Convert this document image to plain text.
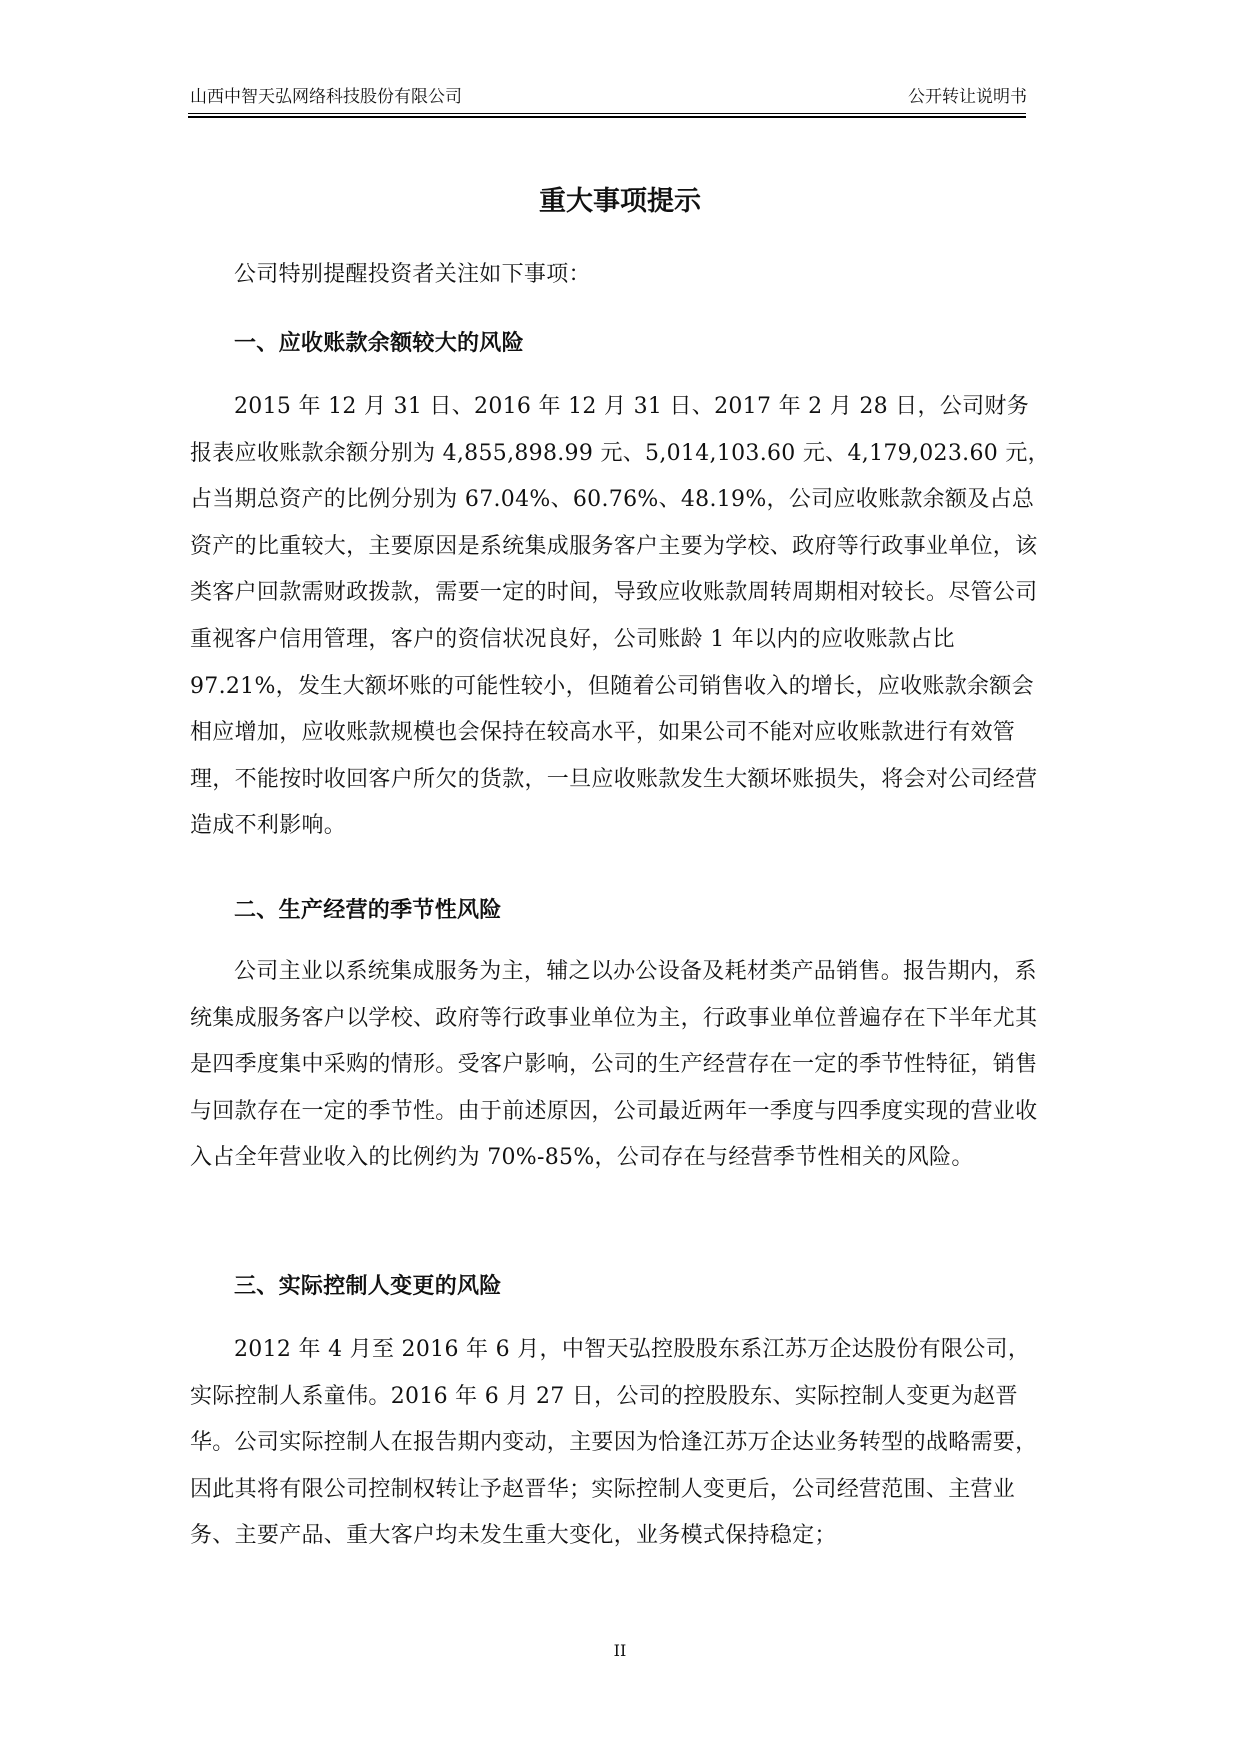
山西中智天弘网络科技股份有限公司	公开转让说明书
重大事项提示

公司特别提醒投资者关注如下事项：

一、应收账款余额较大的风险

2015 年 12 月 31 日、2016 年 12 月 31 日、2017 年 2 月 28 日，公司财务报表应收账款余额分别为 4,855,898.99 元、5,014,103.60 元、4,179,023.60 元，占当期总资产的比例分别为 67.04%、60.76%、48.19%，公司应收账款余额及占总资产的比重较大，主要原因是系统集成服务客户主要为学校、政府等行政事业单位，该类客户回款需财政拨款，需要一定的时间，导致应收账款周转周期相对较长。尽管公司重视客户信用管理，客户的资信状况良好，公司账龄 1 年以内的应收账款占比 97.21%，发生大额坏账的可能性较小，但随着公司销售收入的增长，应收账款余额会相应增加，应收账款规模也会保持在较高水平，如果公司不能对应收账款进行有效管理，不能按时收回客户所欠的货款，一旦应收账款发生大额坏账损失，将会对公司经营造成不利影响。

二、生产经营的季节性风险

公司主业以系统集成服务为主，辅之以办公设备及耗材类产品销售。报告期内，系统集成服务客户以学校、政府等行政事业单位为主，行政事业单位普遍存在下半年尤其是四季度集中采购的情形。受客户影响，公司的生产经营存在一定的季节性特征，销售与回款存在一定的季节性。由于前述原因，公司最近两年一季度与四季度实现的营业收入占全年营业收入的比例约为 70%-85%，公司存在与经营季节性相关的风险。

三、实际控制人变更的风险

2012 年 4 月至 2016 年 6 月，中智天弘控股股东系江苏万企达股份有限公司，实际控制人系童伟。2016 年 6 月 27 日，公司的控股股东、实际控制人变更为赵晋华。公司实际控制人在报告期内变动，主要因为恰逢江苏万企达业务转型的战略需要，因此其将有限公司控制权转让予赵晋华；实际控制人变更后，公司经营范围、主营业务、主要产品、重大客户均未发生重大变化，业务模式保持稳定；

II
